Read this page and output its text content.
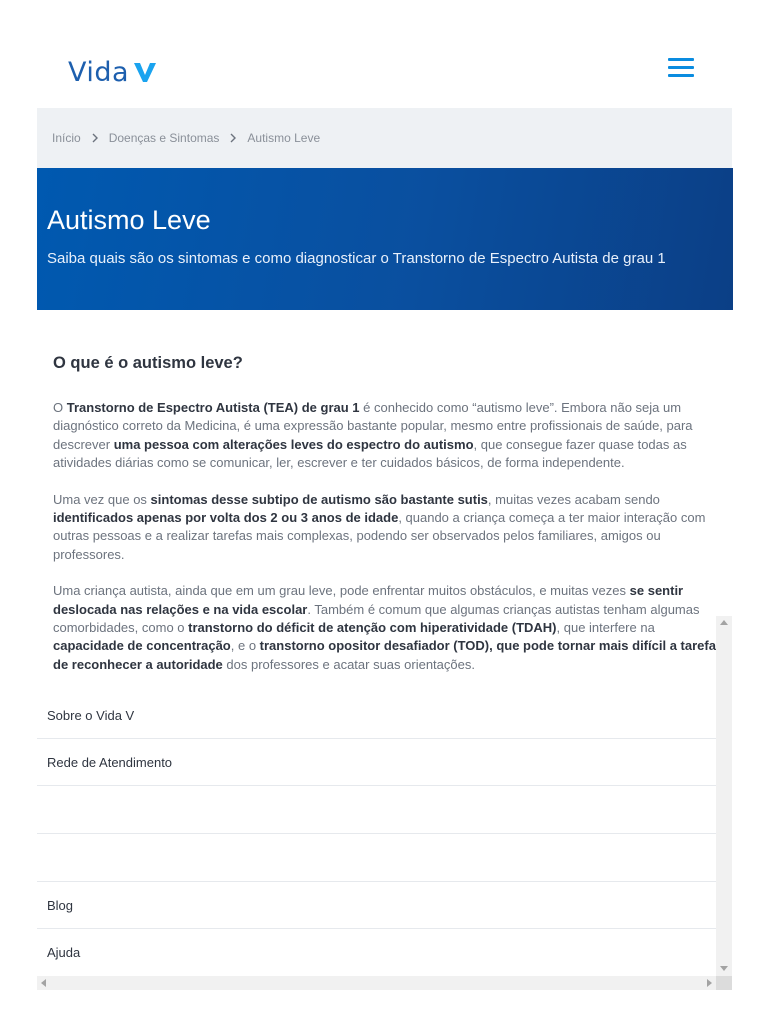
Vida
Início Doenças e Sintomas Autismo Leve
Autismo Leve

Saiba quais são os sintomas e como diagnosticar o Transtorno de Espectro Autista de grau 1

O que é o autismo leve?

O Transtorno de Espectro Autista (TEA) de grau 1 é conhecido como “autismo leve”. Embora não seja um diagnóstico correto da Medicina, é uma expressão bastante popular, mesmo entre profissionais de saúde, para descrever uma pessoa com alterações leves do espectro do autismo, que consegue fazer quase todas as atividades diárias como se comunicar, ler, escrever e ter cuidados básicos, de forma independente.

Uma vez que os sintomas desse subtipo de autismo são bastante sutis, muitas vezes acabam sendo identificados apenas por volta dos 2 ou 3 anos de idade, quando a criança começa a ter maior interação com outras pessoas e a realizar tarefas mais complexas, podendo ser observados pelos familiares, amigos ou professores.

Uma criança autista, ainda que em um grau leve, pode enfrentar muitos obstáculos, e muitas vezes se sentir deslocada nas relações e na vida escolar. Também é comum que algumas crianças autistas tenham algumas comorbidades, como o transtorno do déficit de atenção com hiperatividade (TDAH), que interfere na capacidade de concentração, e o transtorno opositor desafiador (TOD), que pode tornar mais difícil a tarefa de reconhecer a autoridade dos professores e acatar suas orientações.

Sobre o Vida V
Rede de Atendimento
Blog
Ajuda
